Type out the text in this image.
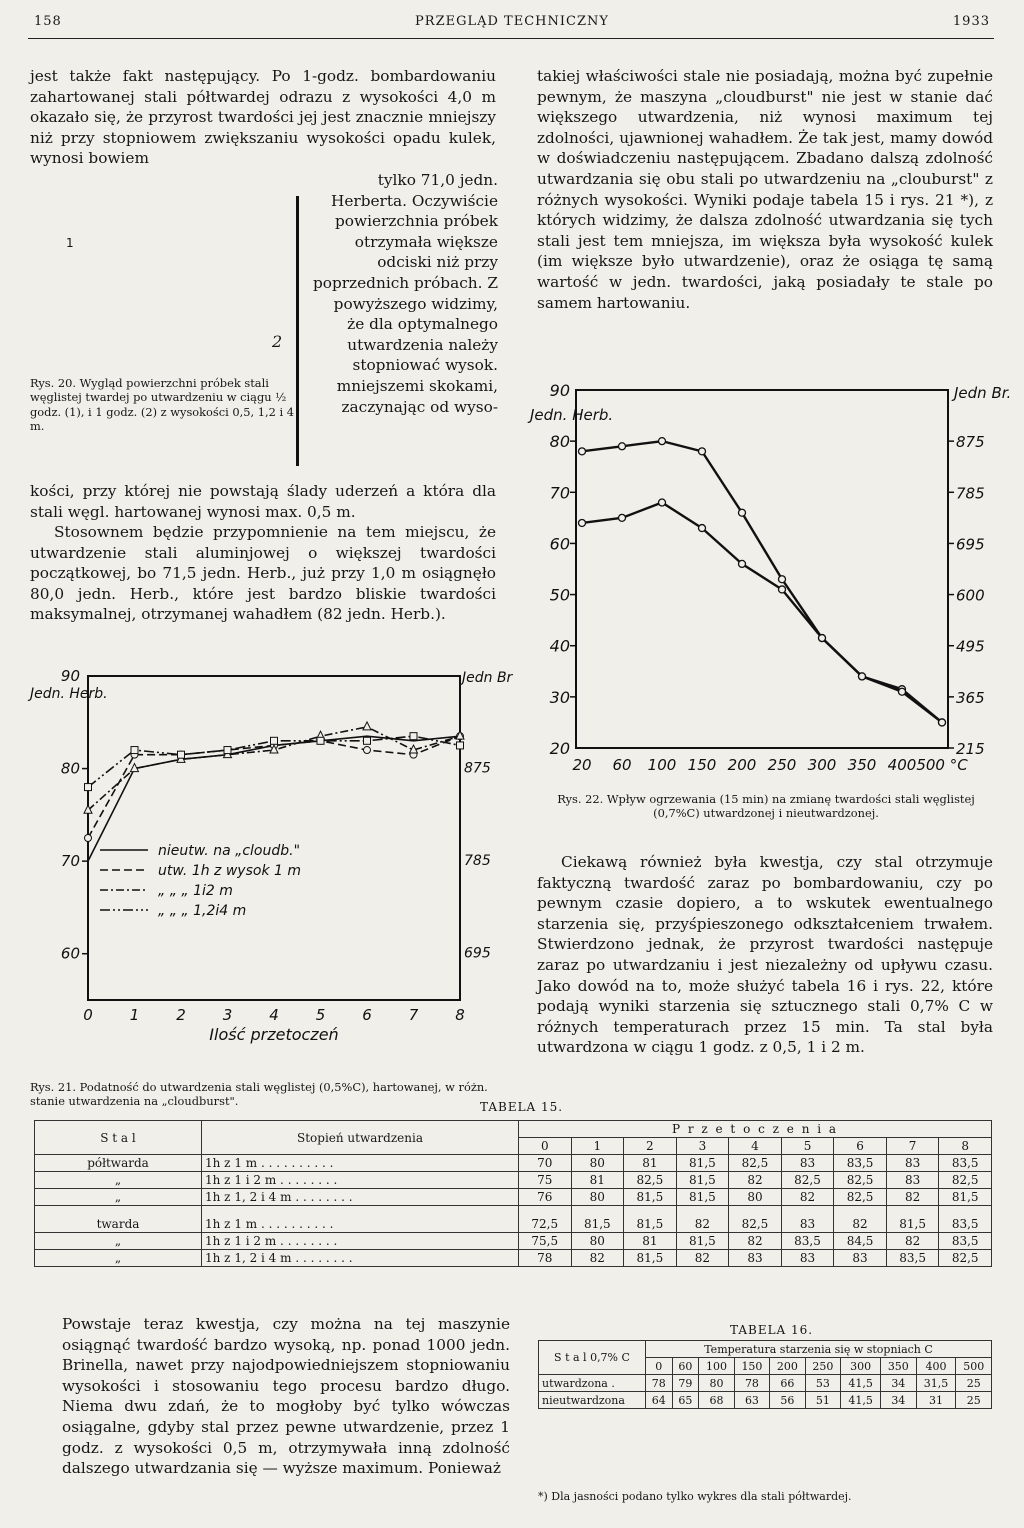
158	PRZEGLĄD TECHNICZNY	1933
jest także fakt następujący. Po 1-godz. bombardowaniu zahartowanej stali półtwardej odrazu z wysokości 4,0 m okazało się, że przyrost twardości jej jest znacznie mniejszy niż przy stopniowem zwiększaniu wysokości opadu kulek, wynosi bowiem
1
2
tylko 71,0 jedn. Herberta. Oczywiście powierzchnia próbek otrzymała większe odciski niż przy poprzednich próbach. Z powyższego widzimy, że dla optymalnego utwardzenia należy stopniować wysok. mniejszemi skokami, zaczynając od wyso-
Rys. 20. Wygląd powierzchni próbek stali węglistej twardej po utwardzeniu w ciągu ½ godz. (1), i 1 godz. (2) z wysokości 0,5, 1,2 i 4 m.
kości, przy której nie powstają ślady uderzeń a która dla stali węgl. hartowanej wynosi max. 0,5 m.
Stosownem będzie przypomnienie na tem miejscu, że utwardzenie stali aluminjowej o większej twardości początkowej, bo 71,5 jedn. Herb., już przy 1,0 m osiągnęło 80,0 jedn. Herb., które jest bardzo bliskie twardości maksymalnej, otrzymanej wahadłem (82 jedn. Herb.).
90
80
70
60
875
785
695
Jedn. Herb.
Jedn Br
0 1 2 3 4 5 6 7 8
Ilość przetoczeń
nieutw. na „cloudb."
utw. 1h z wysok 1 m
„ „ „ 1i2 m
„ „ „ 1,2i4 m
Rys. 21. Podatność do utwardzenia stali węglistej (0,5%C), hartowanej, w różn. stanie utwardzenia na „cloudburst".
takiej właściwości stale nie posiadają, można być zupełnie pewnym, że maszyna „cloudburst" nie jest w stanie dać większego utwardzenia, niż wynosi maximum tej zdolności, ujawnionej wahadłem. Że tak jest, mamy dowód w doświadczeniu następującem. Zbadano dalszą zdolność utwardzania się obu stali po utwardzeniu na „clouburst" z różnych wysokości. Wyniki podaje tabela 15 i rys. 21 *), z których widzimy, że dalsza zdolność utwardzania się tych stali jest tem mniejsza, im większa była wysokość kulek (im większe było utwardzenie), oraz że osiąga tę samą wartość w jedn. twardości, jaką posiadały te stale po samem hartowaniu.
90
80
70
60
50
40
30
20
875
785
695
600
495
365
215
Jedn. Herb.
Jedn Br.
20 60 100 150 200 250 300 350 400 500 °C
Rys. 22. Wpływ ogrzewania (15 min) na zmianę twardości stali węglistej (0,7%C) utwardzonej i nieutwardzonej.
Ciekawą również była kwestja, czy stal otrzymuje faktyczną twardość zaraz po bombardowaniu, czy po pewnym czasie dopiero, a to wskutek ewentualnego starzenia się, przyśpieszonego odkształceniem trwałem. Stwierdzono jednak, że przyrost twardości następuje zaraz po utwardzaniu i jest niezależny od upływu czasu. Jako dowód na to, może służyć tabela 16 i rys. 22, które podają wyniki starzenia się sztucznego stali 0,7% C w różnych temperaturach przez 15 min. Ta stal była utwardzona w ciągu 1 godz. z 0,5, 1 i 2 m.
TABELA 15.
S t a l	Stopień utwardzenia	P r z e t o c z e n i a								
		0	1	2	3	4	5	6	7	8
półtwarda	1h z 1 m . . . . . . . . . .	70	80	81	81,5	82,5	83	83,5	83	83,5
„	1h z 1 i 2 m . . . . . . . .	75	81	82,5	81,5	82	82,5	82,5	83	82,5
„	1h z 1, 2 i 4 m . . . . . . . .	76	80	81,5	81,5	80	82	82,5	82	81,5
twarda	1h z 1 m . . . . . . . . . .	72,5	81,5	81,5	82	82,5	83	82	81,5	83,5
„	1h z 1 i 2 m . . . . . . . .	75,5	80	81	81,5	82	83,5	84,5	82	83,5
„	1h z 1, 2 i 4 m . . . . . . . .	78	82	81,5	82	83	83	83	83,5	82,5
Powstaje teraz kwestja, czy można na tej maszynie osiągnąć twardość bardzo wysoką, np. ponad 1000 jedn. Brinella, nawet przy najodpowiedniejszem stopniowaniu wysokości i stosowaniu tego procesu bardzo długo. Niema dwu zdań, że to mogłoby być tylko wówczas osiągalne, gdyby stal przez pewne utwardzenie, przez 1 godz. z wysokości 0,5 m, otrzymywała inną zdolność dalszego utwardzania się — wyższe maximum. Ponieważ
TABELA 16.
S t a l 0,7% C	Temperatura starzenia się w stopniach C									
	0	60	100	150	200	250	300	350	400	500
utwardzona .	78	79	80	78	66	53	41,5	34	31,5	25
nieutwardzona	64	65	68	63	56	51	41,5	34	31	25
*) Dla jasności podano tylko wykres dla stali półtwardej.
